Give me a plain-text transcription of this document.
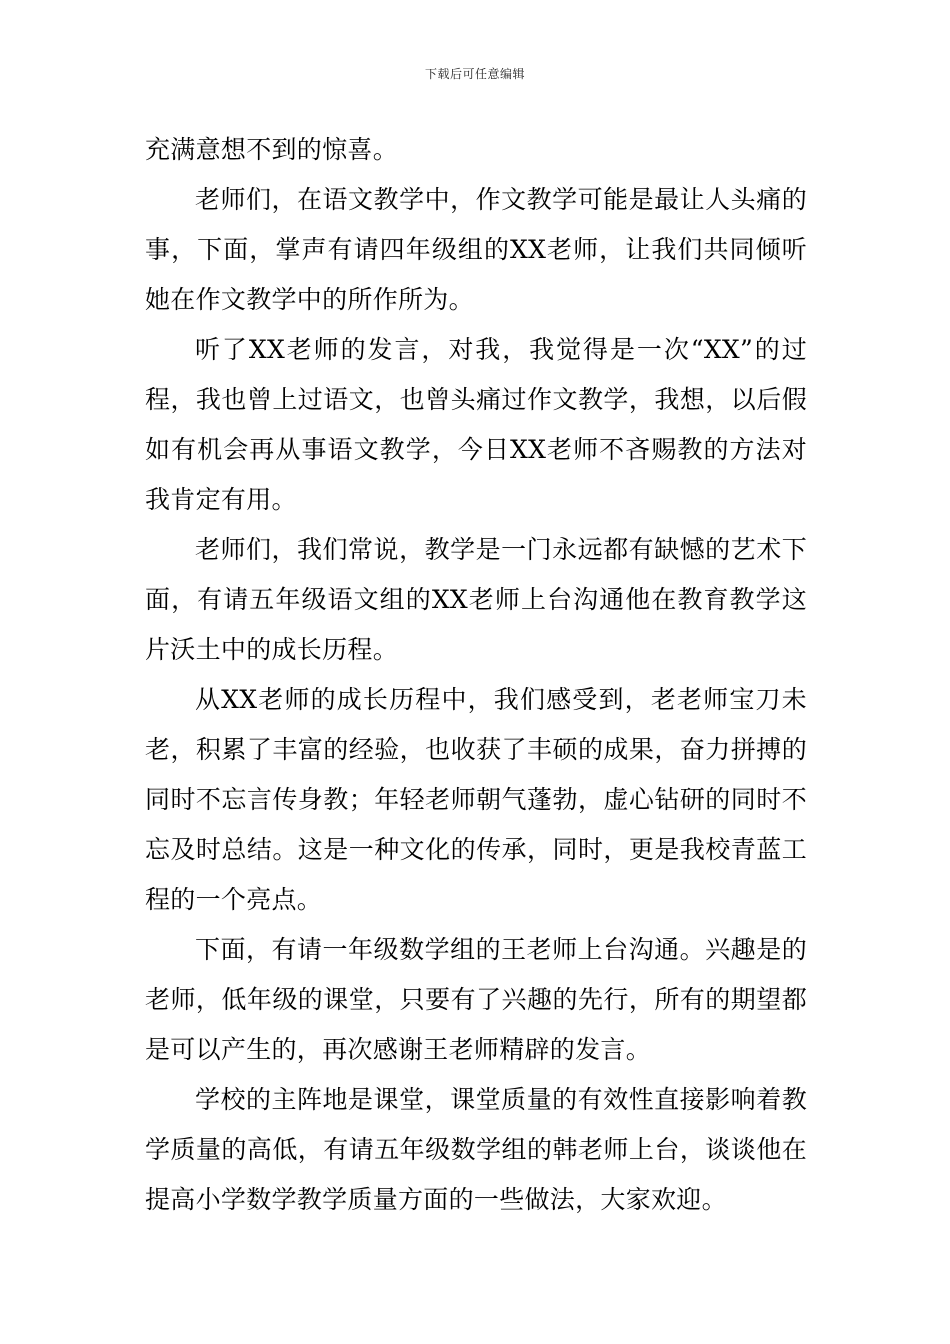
下载后可任意编辑

充满意想不到的惊喜。

老师们，在语文教学中，作文教学可能是最让人头痛的事，下面，掌声有请四年级组的XX老师，让我们共同倾听她在作文教学中的所作所为。

听了XX老师的发言，对我，我觉得是一次“XX”的过程，我也曾上过语文，也曾头痛过作文教学，我想，以后假如有机会再从事语文教学，今日XX老师不吝赐教的方法对我肯定有用。

老师们，我们常说，教学是一门永远都有缺憾的艺术下面，有请五年级语文组的XX老师上台沟通他在教育教学这片沃土中的成长历程。

从XX老师的成长历程中，我们感受到，老老师宝刀未老，积累了丰富的经验，也收获了丰硕的成果，奋力拼搏的同时不忘言传身教；年轻老师朝气蓬勃，虚心钻研的同时不忘及时总结。这是一种文化的传承，同时，更是我校青蓝工程的一个亮点。

下面，有请一年级数学组的王老师上台沟通。兴趣是的老师，低年级的课堂，只要有了兴趣的先行，所有的期望都是可以产生的，再次感谢王老师精辟的发言。

学校的主阵地是课堂，课堂质量的有效性直接影响着教学质量的高低，有请五年级数学组的韩老师上台，谈谈他在提高小学数学教学质量方面的一些做法，大家欢迎。
